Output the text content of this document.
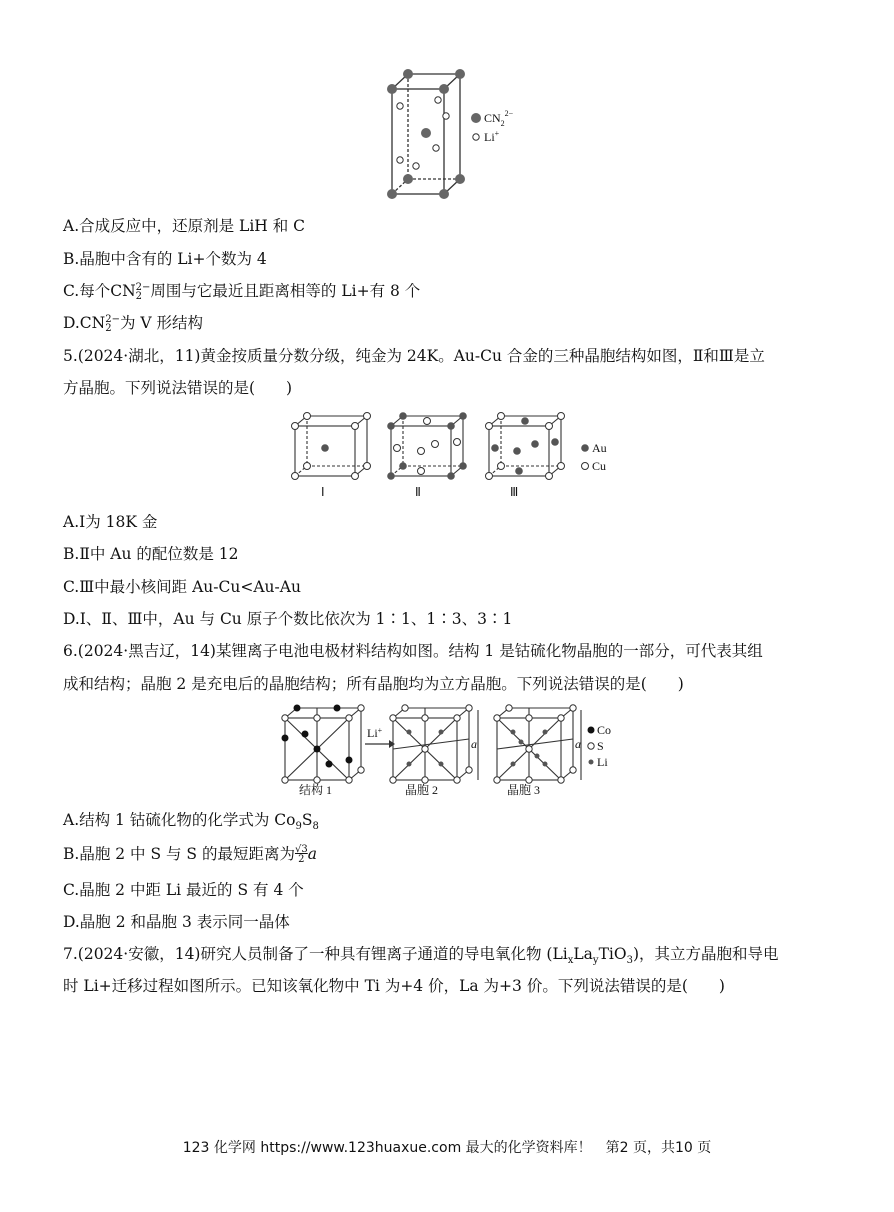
$CN_2^{2-}$
Li+
A.合成反应中，还原剂是 LiH 和 C
B.晶胞中含有的 Li+个数为 4
C.每个CN2−
2 周围与它最近且距离相等的 Li+有 8 个
D.CN2−
2 为 V 形结构
5.(2024·湖北，11)黄金按质量分数分级，纯金为 24K。Au-Cu 合金的三种晶胞结构如图，Ⅱ和Ⅲ是立
方晶胞。下列说法错误的是(　　)
Au
Cu
Ⅰ	Ⅱ	Ⅲ
A.Ⅰ为 18K 金
B.Ⅱ中 Au 的配位数是 12
C.Ⅲ中最小核间距 Au-Cu<Au-Au
D.Ⅰ、Ⅱ、Ⅲ中，Au 与 Cu 原子个数比依次为 1∶1、1∶3、3∶1
6.(2024·黑吉辽，14)某锂离子电池电极材料结构如图。结构 1 是钴硫化物晶胞的一部分，可代表其组
成和结构；晶胞 2 是充电后的晶胞结构；所有晶胞均为立方晶胞。下列说法错误的是(　　)
Li+
a	a
Co
S
Li
结构 1	晶胞 2	晶胞 3
A.结构 1 钴硫化物的化学式为 $Co_9S_8$
B.晶胞 2 中 S 与 S 的最短距离为$\frac{√3}{2}a$
C.晶胞 2 中距 Li 最近的 S 有 4 个
D.晶胞 2 和晶胞 3 表示同一晶体
7.(2024·安徽，14)研究人员制备了一种具有锂离子通道的导电氧化物 $(Li_xLa_yTiO_3)$，其立方晶胞和导电
时 Li+迁移过程如图所示。已知该氧化物中 Ti 为+4 价，La 为+3 价。下列说法错误的是(　　)
123 化学网 https://www.123huaxue.com 最大的化学资料库！　第2 页，共10 页
